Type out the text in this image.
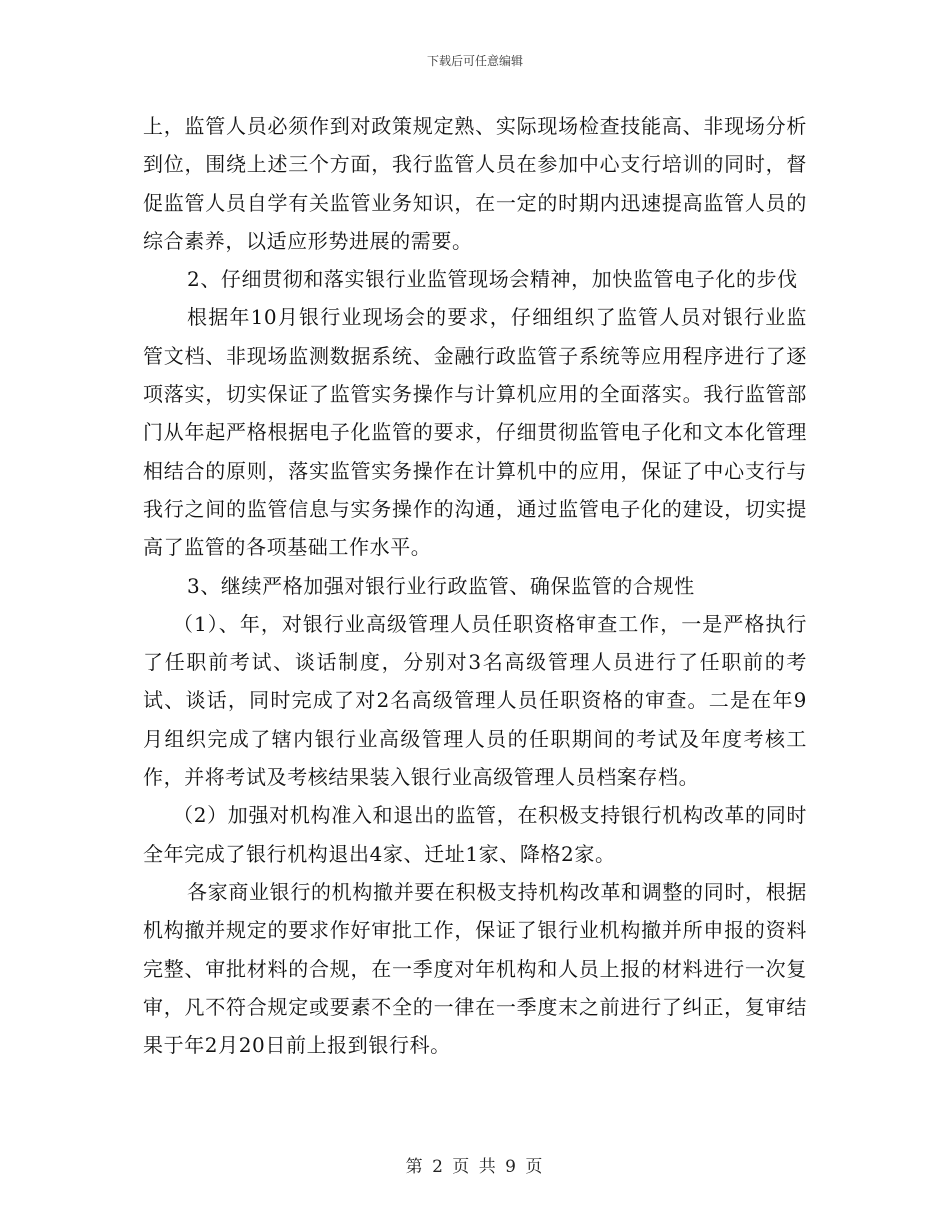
下载后可任意编辑

上，监管人员必须作到对政策规定熟、实际现场检查技能高、非现场分析到位，围绕上述三个方面，我行监管人员在参加中心支行培训的同时，督促监管人员自学有关监管业务知识，在一定的时期内迅速提高监管人员的综合素养，以适应形势进展的需要。

2、仔细贯彻和落实银行业监管现场会精神，加快监管电子化的步伐

根据年10月银行业现场会的要求，仔细组织了监管人员对银行业监管文档、非现场监测数据系统、金融行政监管子系统等应用程序进行了逐项落实，切实保证了监管实务操作与计算机应用的全面落实。我行监管部门从年起严格根据电子化监管的要求，仔细贯彻监管电子化和文本化管理相结合的原则，落实监管实务操作在计算机中的应用，保证了中心支行与我行之间的监管信息与实务操作的沟通，通过监管电子化的建设，切实提高了监管的各项基础工作水平。

3、继续严格加强对银行业行政监管、确保监管的合规性

（1）、年，对银行业高级管理人员任职资格审查工作，一是严格执行了任职前考试、谈话制度，分别对3名高级管理人员进行了任职前的考试、谈话，同时完成了对2名高级管理人员任职资格的审查。二是在年9月组织完成了辖内银行业高级管理人员的任职期间的考试及年度考核工作，并将考试及考核结果装入银行业高级管理人员档案存档。

（2）加强对机构准入和退出的监管，在积极支持银行机构改革的同时全年完成了银行机构退出4家、迁址1家、降格2家。

各家商业银行的机构撤并要在积极支持机构改革和调整的同时，根据机构撤并规定的要求作好审批工作，保证了银行业机构撤并所申报的资料完整、审批材料的合规，在一季度对年机构和人员上报的材料进行一次复审，凡不符合规定或要素不全的一律在一季度末之前进行了纠正，复审结果于年2月20日前上报到银行科。

第 2 页 共 9 页
